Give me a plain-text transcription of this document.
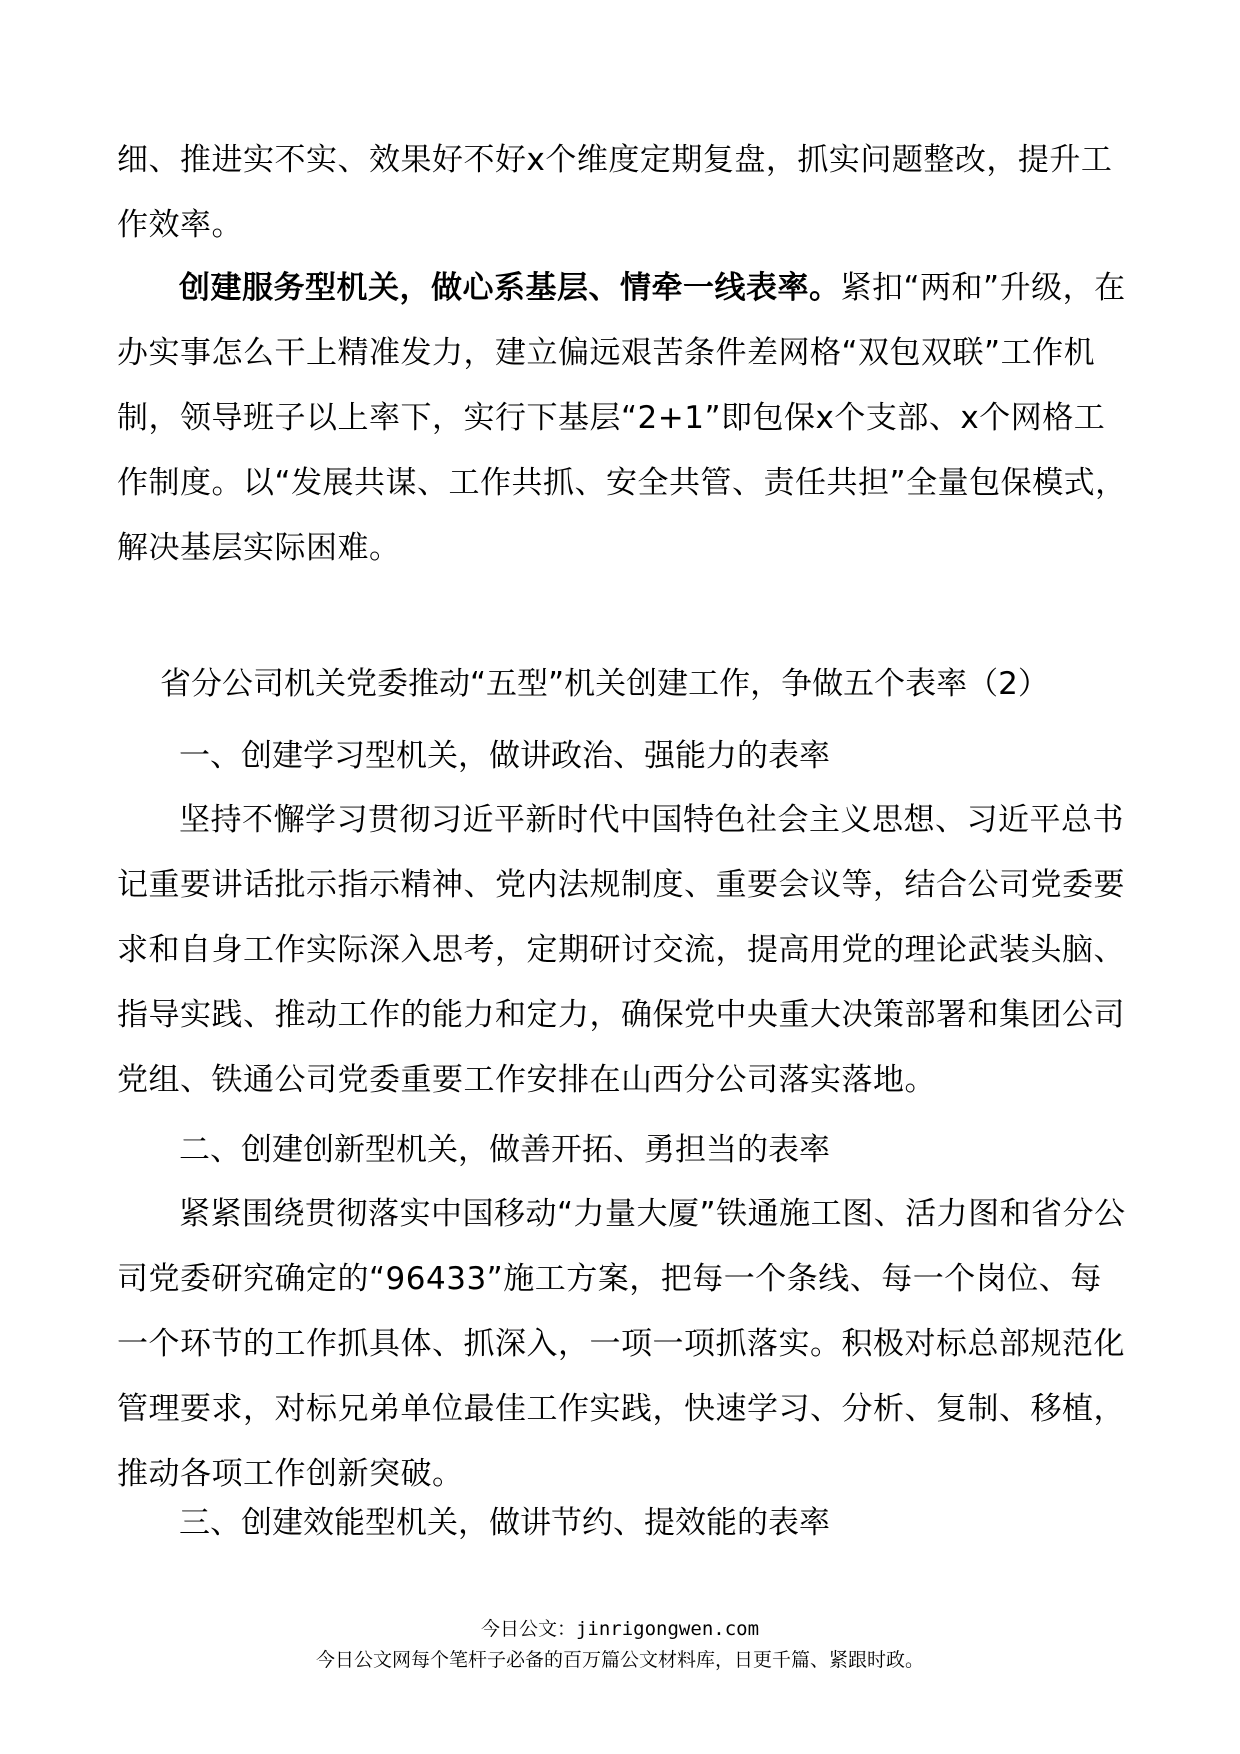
细、推进实不实、效果好不好x个维度定期复盘，抓实问题整改，提升工作效率。

创建服务型机关，做心系基层、情牵一线表率。紧扣“两和”升级，在办实事怎么干上精准发力，建立偏远艰苦条件差网格“双包双联”工作机制，领导班子以上率下，实行下基层“2+1”即包保x个支部、x个网格工作制度。以“发展共谋、工作共抓、安全共管、责任共担”全量包保模式，解决基层实际困难。

省分公司机关党委推动“五型”机关创建工作，争做五个表率（2）

一、创建学习型机关，做讲政治、强能力的表率

坚持不懈学习贯彻习近平新时代中国特色社会主义思想、习近平总书记重要讲话批示指示精神、党内法规制度、重要会议等，结合公司党委要求和自身工作实际深入思考，定期研讨交流，提高用党的理论武装头脑、指导实践、推动工作的能力和定力，确保党中央重大决策部署和集团公司党组、铁通公司党委重要工作安排在山西分公司落实落地。

二、创建创新型机关，做善开拓、勇担当的表率

紧紧围绕贯彻落实中国移动“力量大厦”铁通施工图、活力图和省分公司党委研究确定的“96433”施工方案，把每一个条线、每一个岗位、每一个环节的工作抓具体、抓深入，一项一项抓落实。积极对标总部规范化管理要求，对标兄弟单位最佳工作实践，快速学习、分析、复制、移植，推动各项工作创新突破。

三、创建效能型机关，做讲节约、提效能的表率

今日公文：jinrigongwen.com

今日公文网每个笔杆子必备的百万篇公文材料库，日更千篇、紧跟时政。
